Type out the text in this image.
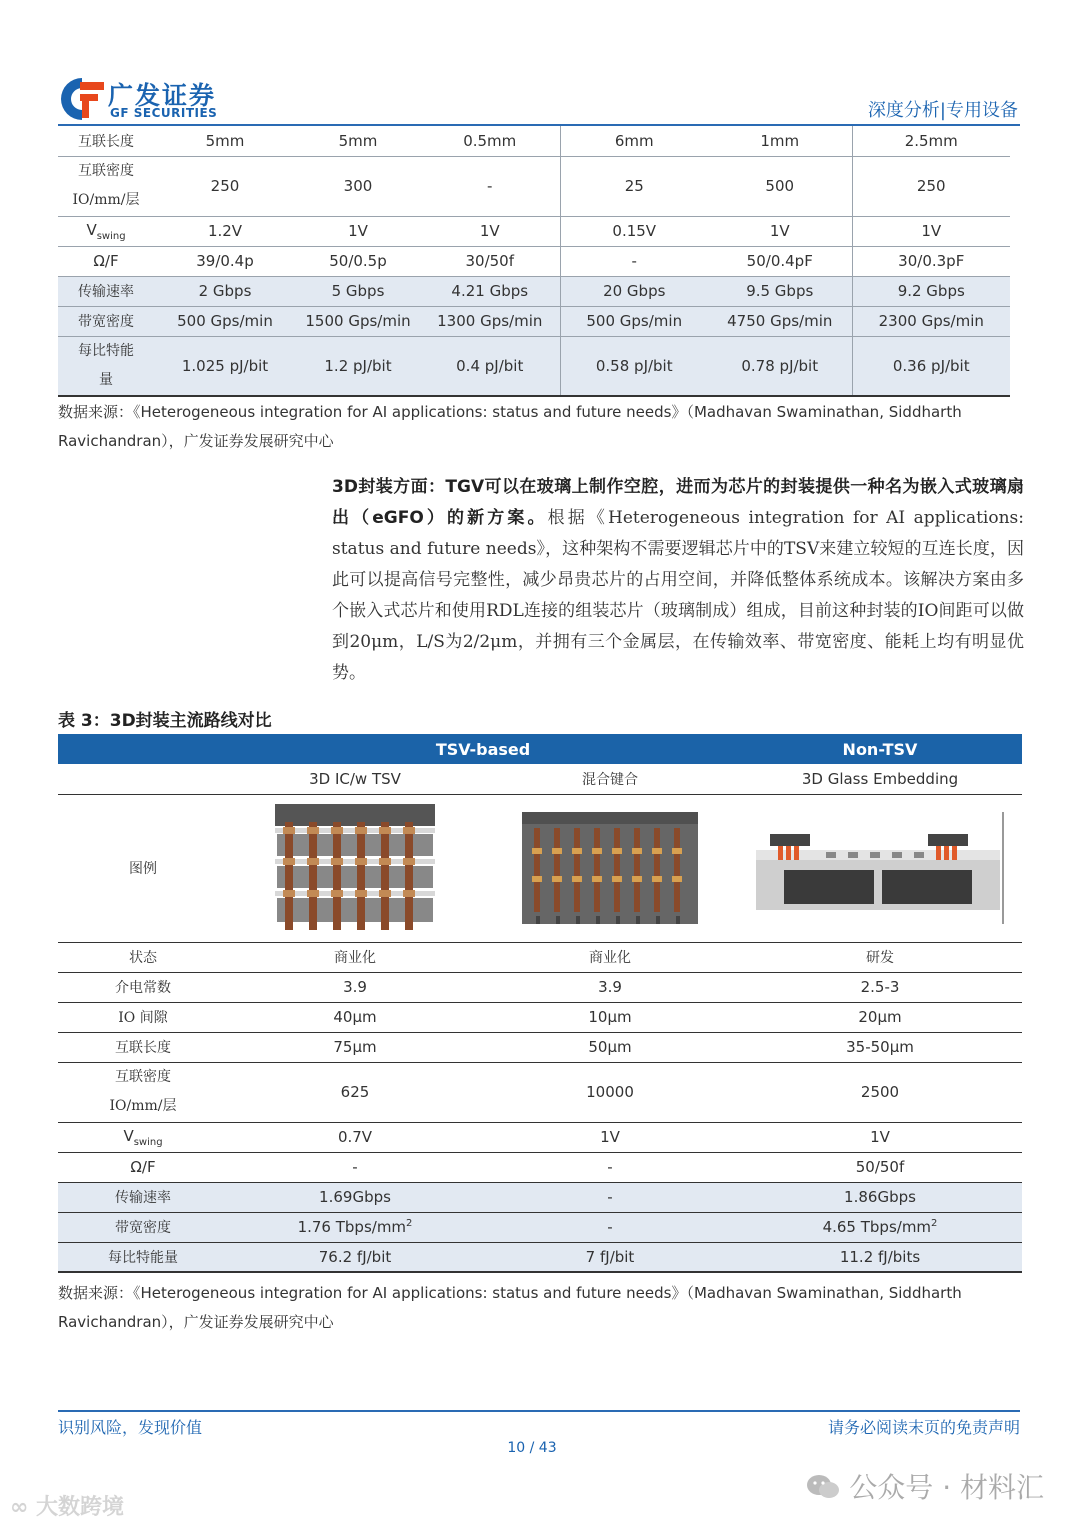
广发证券
GF SECURITIES	深度分析|专用设备
互联长度	5mm	5mm	0.5mm	6mm	1mm	2.5mm
互联密度
IO/mm/层	250	300	-	25	500	250
$V_{swing}$	1.2V	1V	1V	0.15V	1V	1V
Ω/F	39/0.4p	50/0.5p	30/50f	-	50/0.4pF	30/0.3pF
传输速率	2 Gbps	5 Gbps	4.21 Gbps	20 Gbps	9.5 Gbps	9.2 Gbps
带宽密度	500 Gps/min	1500 Gps/min	1300 Gps/min	500 Gps/min	4750 Gps/min	2300 Gps/min
每比特能
量	1.025 pJ/bit	1.2 pJ/bit	0.4 pJ/bit	0.58 pJ/bit	0.78 pJ/bit	0.36 pJ/bit
数据来源：《Heterogeneous integration for AI applications: status and future needs》（Madhavan Swaminathan, Siddharth
Ravichandran），广发证券发展研究中心
3D封装方面：TGV可以在玻璃上制作空腔，进而为芯片的封装提供一种名为嵌入式玻璃扇出（eGFO）的新方案。根据《Heterogeneous integration for AI applications: status and future needs》，这种架构不需要逻辑芯片中的TSV来建立较短的互连长度，因此可以提高信号完整性，减少昂贵芯片的占用空间，并降低整体系统成本。该解决方案由多个嵌入式芯片和使用RDL连接的组装芯片（玻璃制成）组成，目前这种封装的IO间距可以做到20μm，L/S为2/2μm，并拥有三个金属层，在传输效率、带宽密度、能耗上均有明显优势。
表 3：3D封装主流路线对比
	TSV-based		Non-TSV
	3D IC/w TSV	混合键合	3D Glass Embedding
图例	

状态	商业化	商业化	研发
介电常数	3.9	3.9	2.5-3
IO 间隙	40μm	10μm	20μm
互联长度	75μm	50μm	35-50μm
互联密度
IO/mm/层	625	10000	2500
$V_{swing}$	0.7V	1V	1V
Ω/F	-	-	50/50f
传输速率	1.69Gbps	-	1.86Gbps
带宽密度	1.76 Tbps/$mm^2$	-	4.65 Tbps/$mm^2$
每比特能量	76.2 fJ/bit	7 fJ/bit	11.2 fJ/bits
数据来源：《Heterogeneous integration for AI applications: status and future needs》（Madhavan Swaminathan, Siddharth
Ravichandran），广发证券发展研究中心
识别风险，发现价值	请务必阅读末页的免责声明
10 / 43
公众号 · 材料汇
∞ 大数跨境
